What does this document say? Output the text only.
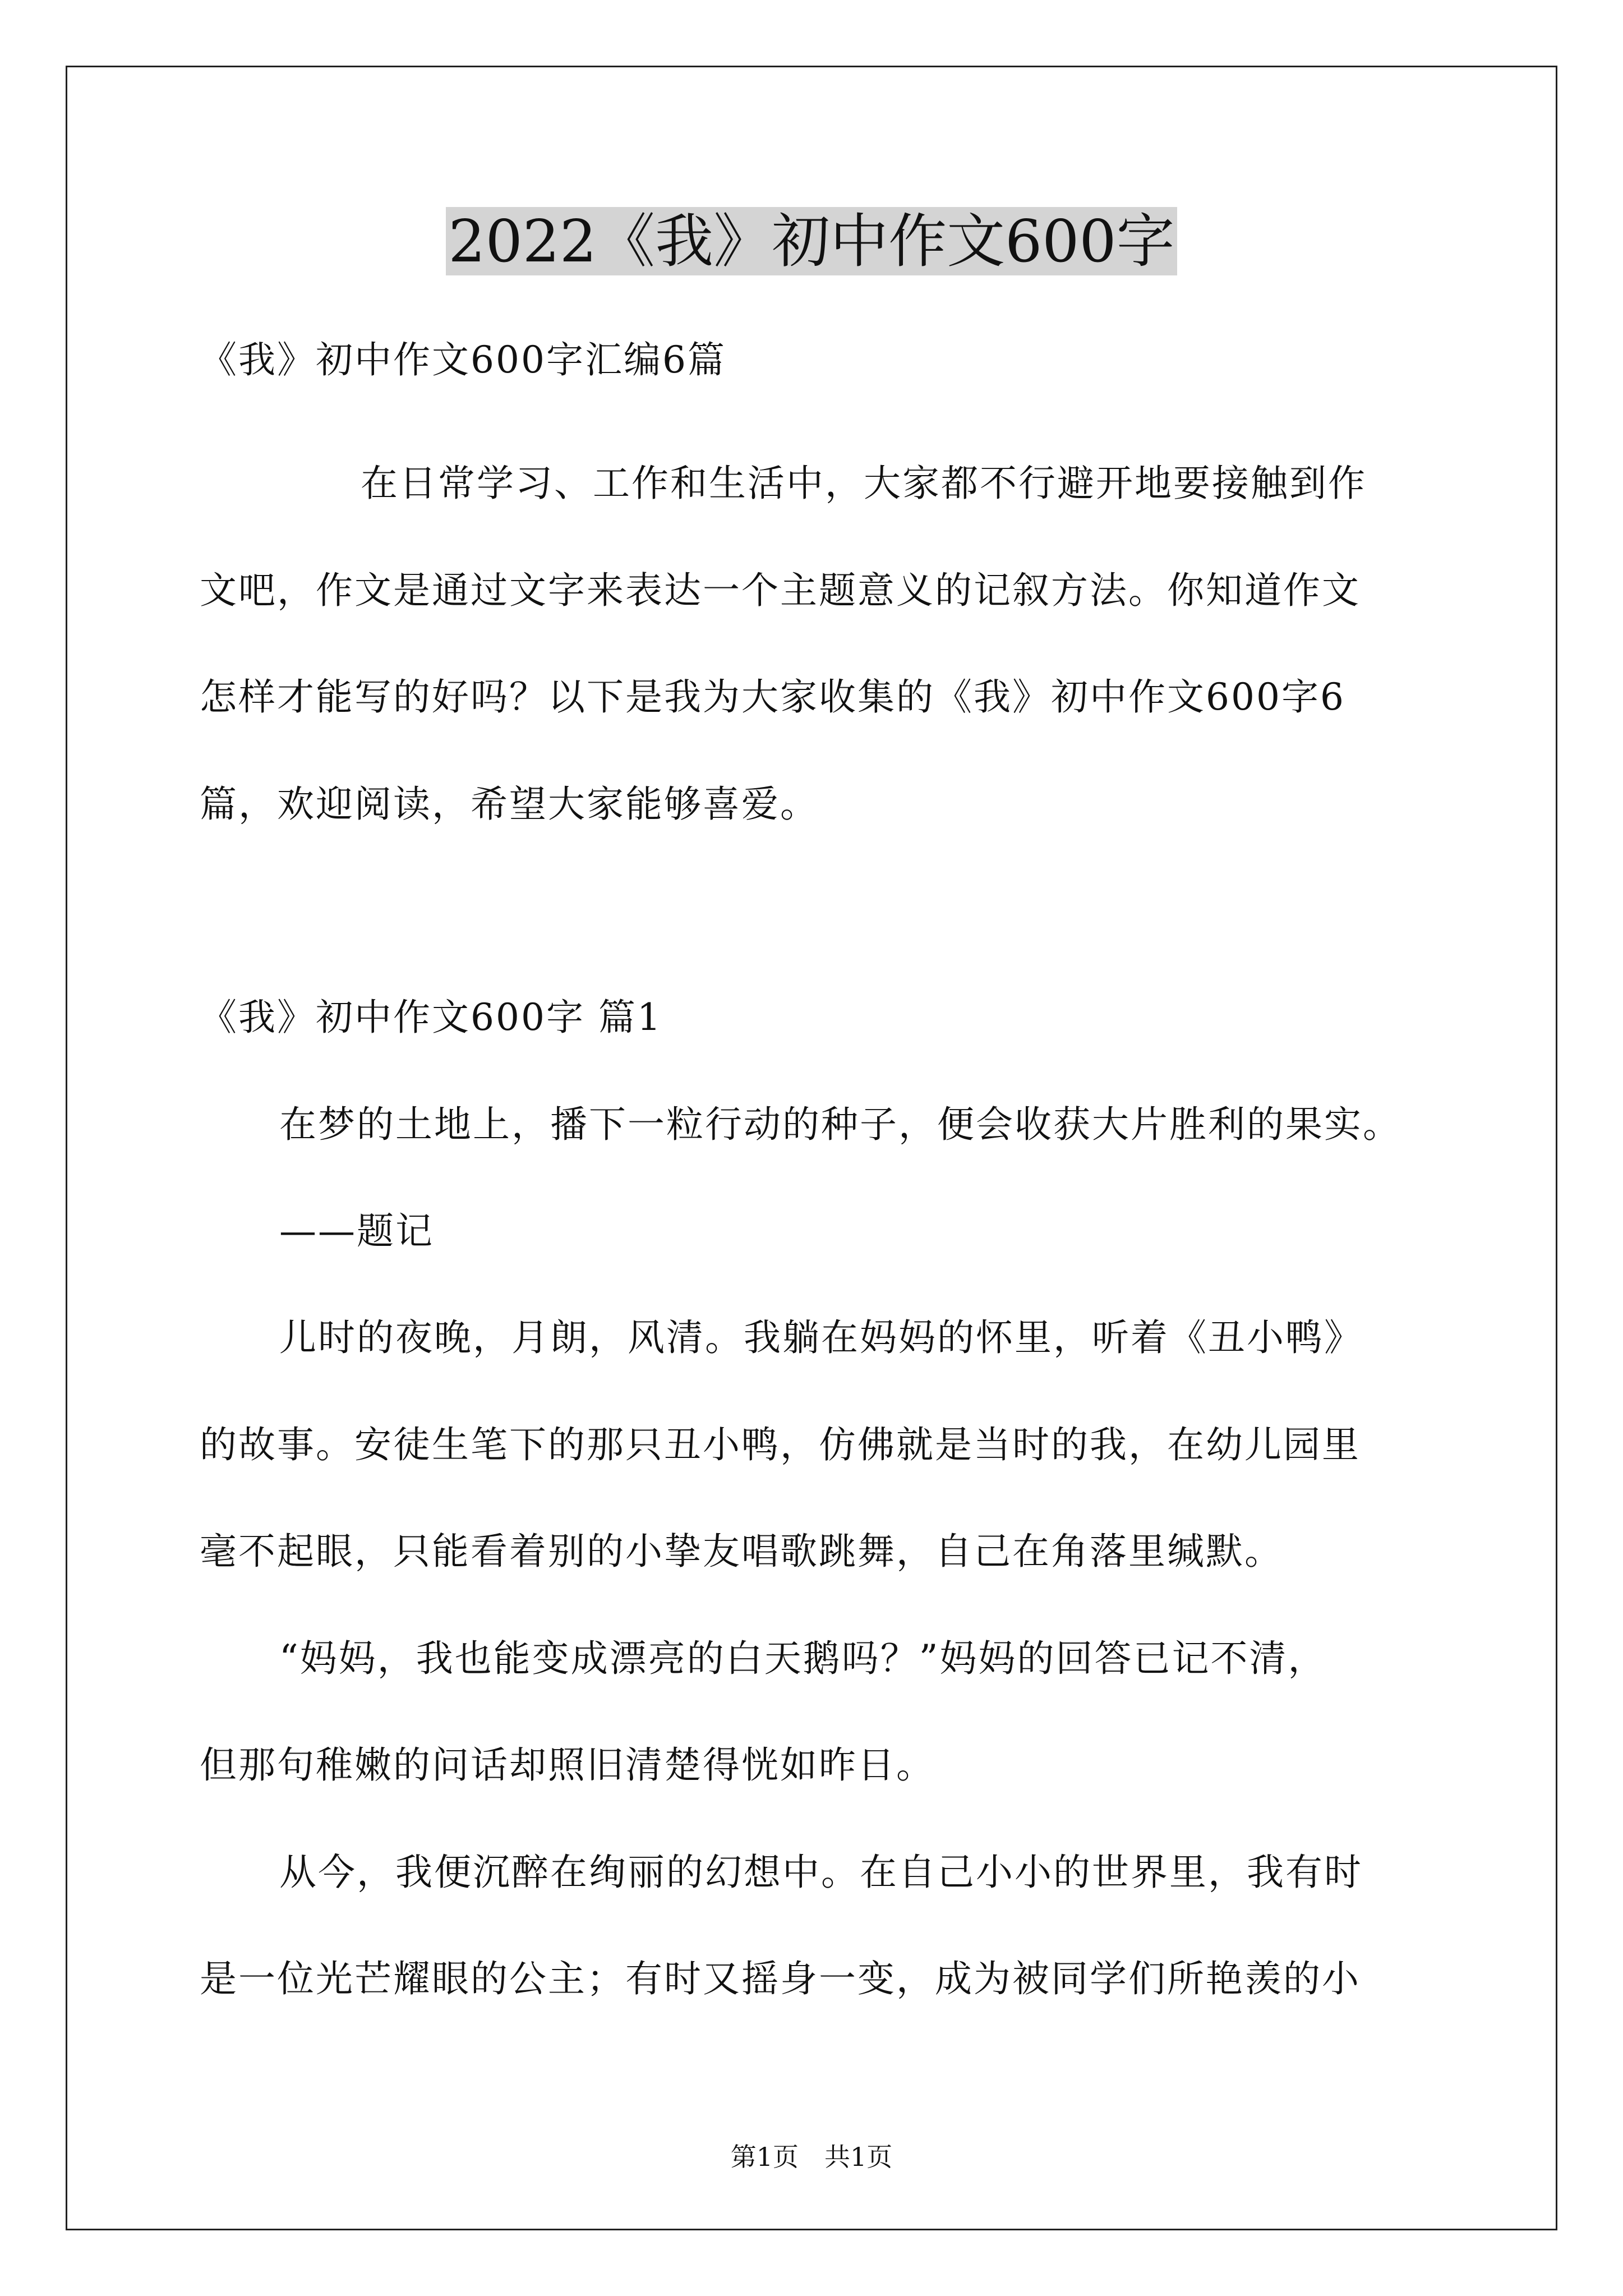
2022《我》初中作文600字
《我》初中作文600字汇编6篇
在日常学习、工作和生活中，大家都不行避开地要接触到作
文吧，作文是通过文字来表达一个主题意义的记叙方法。你知道作文
怎样才能写的好吗？以下是我为大家收集的《我》初中作文600字6
篇，欢迎阅读，希望大家能够喜爱。
《我》初中作文600字 篇1
在梦的土地上，播下一粒行动的种子，便会收获大片胜利的果实。
——题记
儿时的夜晚，月朗，风清。我躺在妈妈的怀里，听着《丑小鸭》
的故事。安徒生笔下的那只丑小鸭，仿佛就是当时的我，在幼儿园里
毫不起眼，只能看着别的小挚友唱歌跳舞，自己在角落里缄默。
“妈妈，我也能变成漂亮的白天鹅吗？”妈妈的回答已记不清，
但那句稚嫩的问话却照旧清楚得恍如昨日。
从今，我便沉醉在绚丽的幻想中。在自己小小的世界里，我有时
是一位光芒耀眼的公主；有时又摇身一变，成为被同学们所艳羡的小
第1页　共1页
